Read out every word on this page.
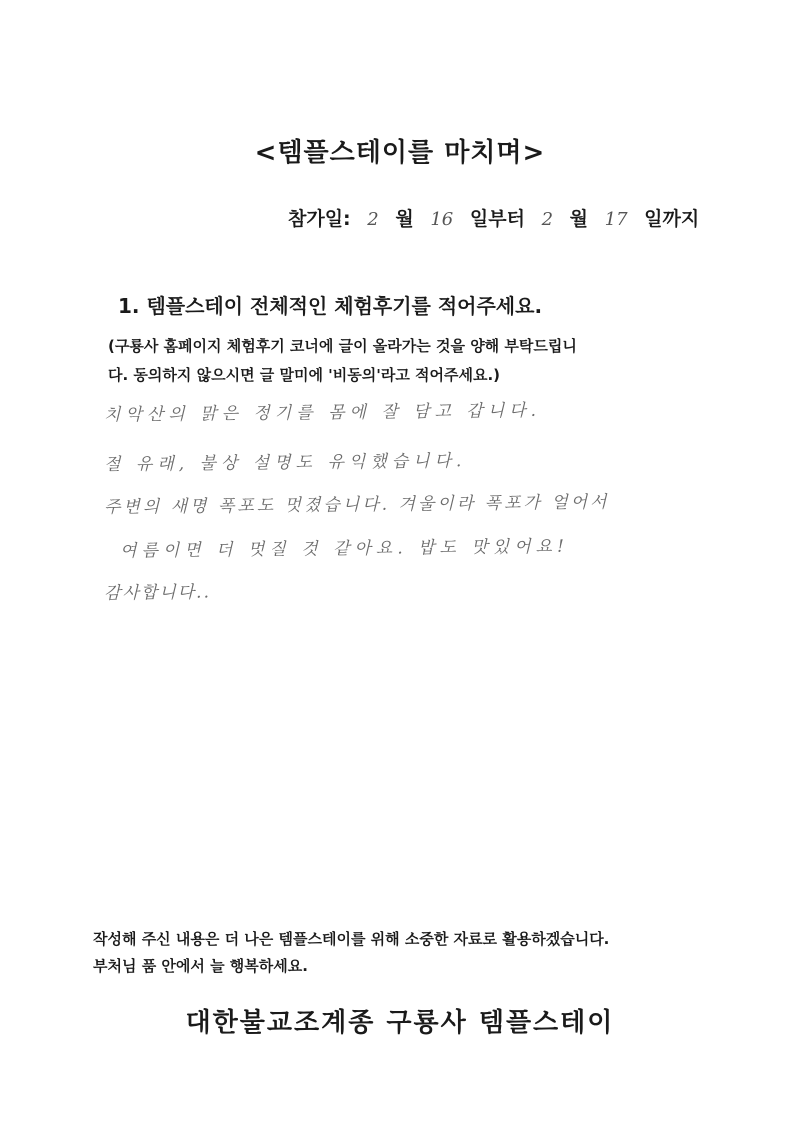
<템플스테이를 마치며>
참가일: 2 월 16 일부터 2 월 17 일까지
1. 템플스테이 전체적인 체험후기를 적어주세요.
(구룡사 홈페이지 체험후기 코너에 글이 올라가는 것을 양해 부탁드립니
다. 동의하지 않으시면 글 말미에 '비동의'라고 적어주세요.)
치악산의 맑은 정기를 몸에 잘 담고 갑니다.
절 유래, 불상 설명도 유익했습니다.
주변의 새명 폭포도 멋졌습니다. 겨울이라 폭포가 얼어서
여름이면 더 멋질 것 같아요. 밥도 맛있어요!
감사합니다..
작성해 주신 내용은 더 나은 템플스테이를 위해 소중한 자료로 활용하겠습니다.
부처님 품 안에서 늘 행복하세요.
대한불교조계종 구룡사 템플스테이
